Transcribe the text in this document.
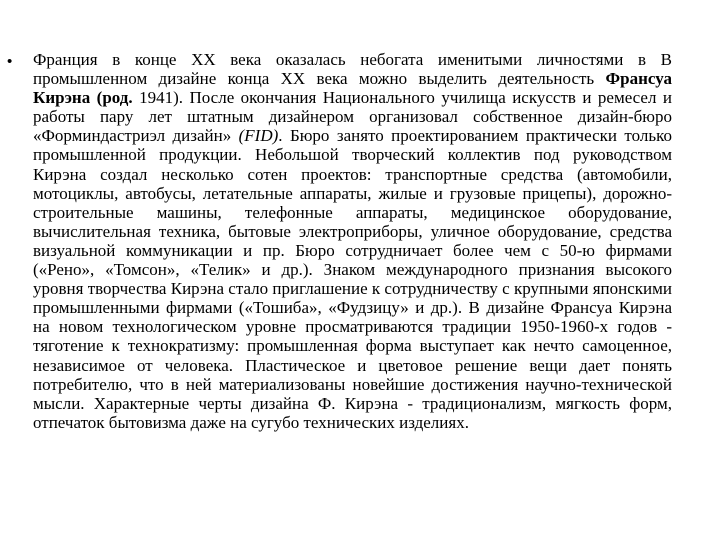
• Франция в конце XX века оказалась небогата именитыми личностями в В промышленном дизайне конца XX века можно выделить деятельность Франсуа Кирэна (род. 1941). После окончания Национального училища искусств и ремесел и работы пару лет штатным дизайнером организовал собственное дизайн-бюро «Форминдастриэл дизайн» (FID). Бюро занято проектированием практически только промышленной продукции. Небольшой творческий коллектив под руководством Кирэна создал несколько сотен проектов: транспортные средства (автомобили, мотоциклы, автобусы, летательные аппараты, жилые и грузовые прицепы), дорожно-строительные машины, телефонные аппараты, медицинское оборудование, вычислительная техника, бытовые электроприборы, уличное оборудование, средства визуальной коммуникации и пр. Бюро сотрудничает более чем с 50-ю фирмами («Рено», «Томсон», «Телик» и др.). Знаком международного признания высокого уровня творчества Кирэна стало приглашение к сотрудничеству с крупными японскими промышленными фирмами («Тошиба», «Фудзицу» и др.). В дизайне Франсуа Кирэна на новом технологическом уровне просматриваются традиции 1950-1960-х годов - тяготение к технократизму: промышленная форма выступает как нечто самоценное, независимое от человека. Пластическое и цветовое решение вещи дает понять потребителю, что в ней материализованы новейшие достижения научно-технической мысли. Характерные черты дизайна Ф. Кирэна - традиционализм, мягкость форм, отпечаток бытовизма даже на сугубо технических изделиях.
